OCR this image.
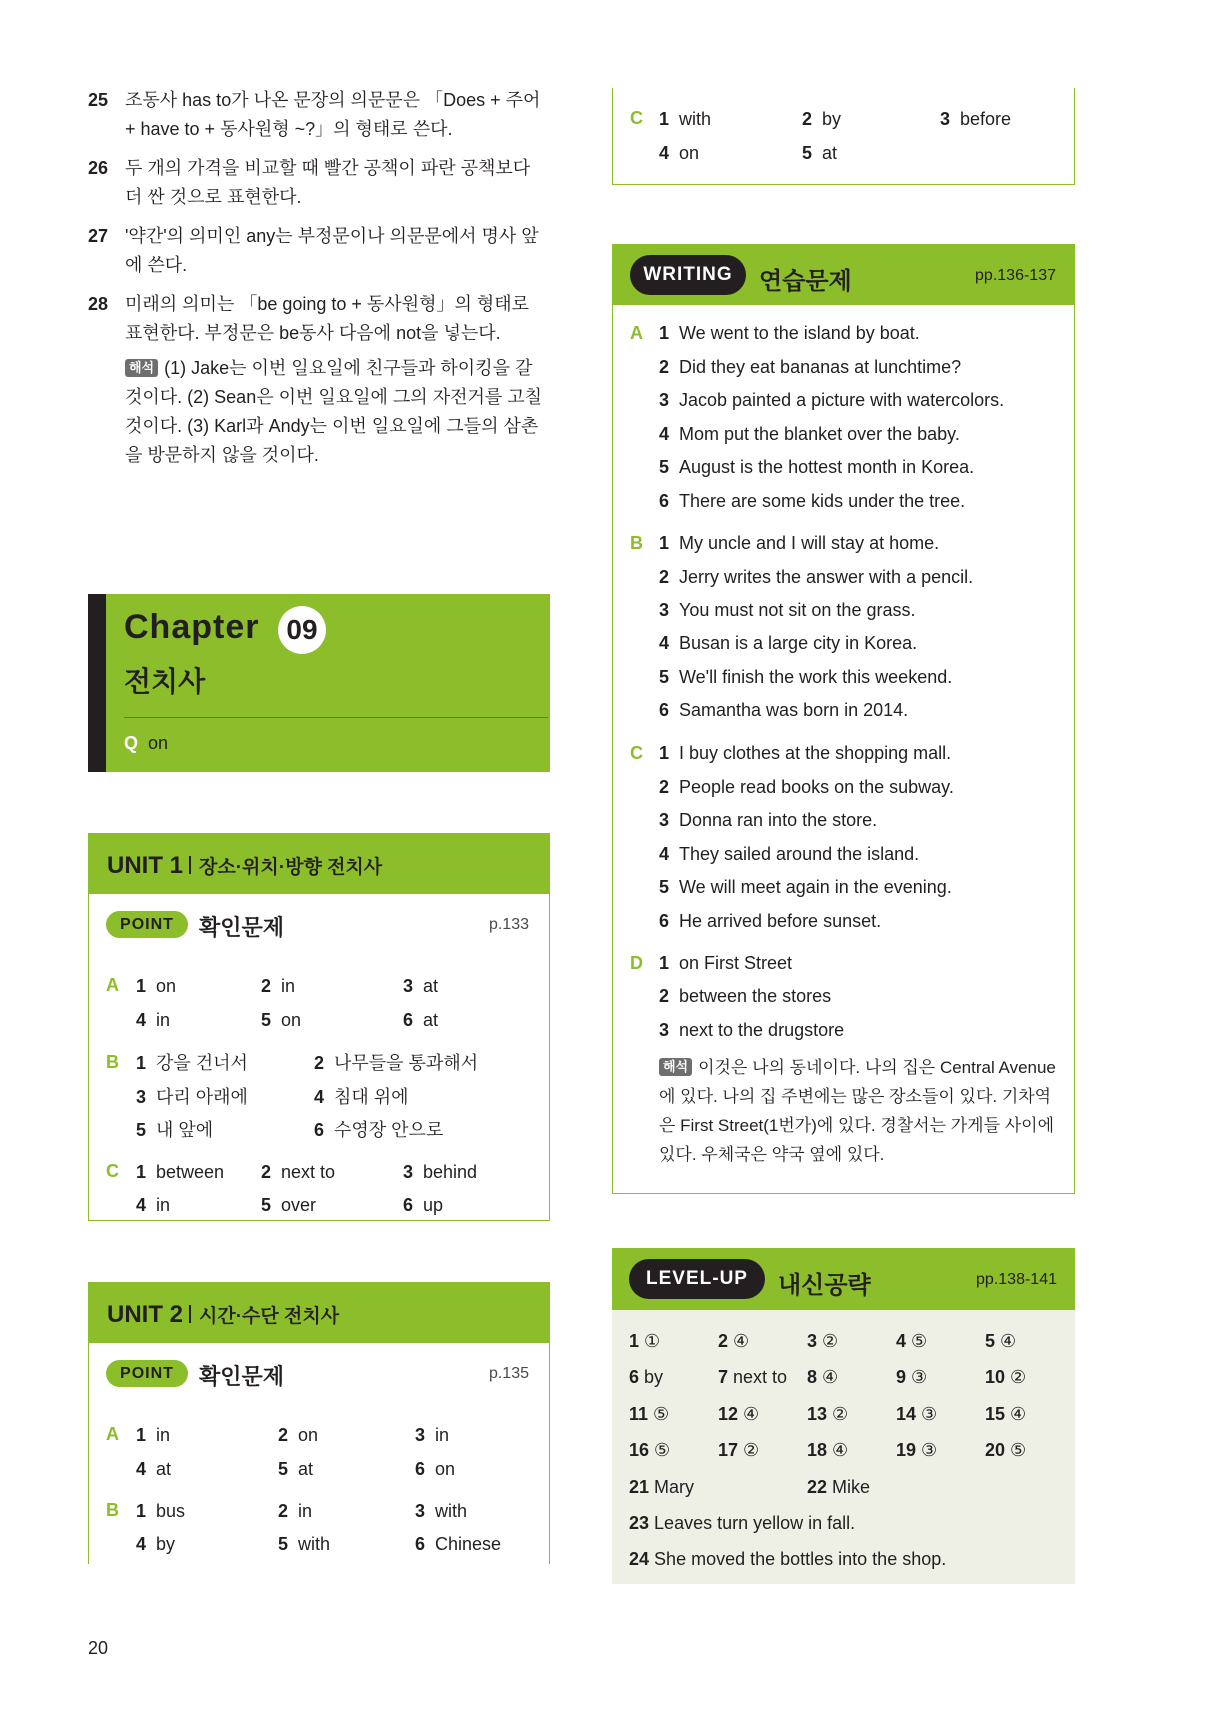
25 조동사 has to가 나온 문장의 의문문은 「Does + 주어 + have to + 동사원형 ~?」의 형태로 쓴다.
26 두 개의 가격을 비교할 때 빨간 공책이 파란 공책보다 더 싼 것으로 표현한다.
27 '약간'의 의미인 any는 부정문이나 의문문에서 명사 앞에 쓴다.
28 미래의 의미는 「be going to + 동사원형」의 형태로 표현한다. 부정문은 be동사 다음에 not을 넣는다.
해석 (1) Jake는 이번 일요일에 친구들과 하이킹을 갈 것이다. (2) Sean은 이번 일요일에 그의 자전거를 고칠 것이다. (3) Karl과 Andy는 이번 일요일에 그들의 삼촌을 방문하지 않을 것이다.
Chapter 09
전치사
Q on
UNIT 1 장소·위치·방향 전치사
POINT	확인문제	p.133
A 1 on	2 in	3 at
4 in	5 on	6 at
B 1 강을 건너서	2 나무들을 통과해서
3 다리 아래에	4 침대 위에
5 내 앞에	6 수영장 안으로
C 1 between 2 next to	3 behind
4 in	5 over	6 up
UNIT 2 시간·수단 전치사
POINT	확인문제	p.135
A 1 in	2 on	3 in
4 at	5 at	6 on
B 1 bus	2 in	3 with
4 by	5 with	6 Chinese
C 1 with	2 by	3 before
4 on	5 at
WRITING	연습문제	pp.136-137
A 1 We went to the island by boat.
2 Did they eat bananas at lunchtime?
3 Jacob painted a picture with watercolors.
4 Mom put the blanket over the baby.
5 August is the hottest month in Korea.
6 There are some kids under the tree.
B 1 My uncle and I will stay at home.
2 Jerry writes the answer with a pencil.
3 You must not sit on the grass.
4 Busan is a large city in Korea.
5 We'll finish the work this weekend.
6 Samantha was born in 2014.
C 1 I buy clothes at the shopping mall.
2 People read books on the subway.
3 Donna ran into the store.
4 They sailed around the island.
5 We will meet again in the evening.
6 He arrived before sunset.
D 1 on First Street
2 between the stores
3 next to the drugstore
해석 이것은 나의 동네이다. 나의 집은 Central Avenue에 있다. 나의 집 주변에는 많은 장소들이 있다. 기차역은 First Street(1번가)에 있다. 경찰서는 가게들 사이에 있다. 우체국은 약국 옆에 있다.
LEVEL-UP	내신공략	pp.138-141
1 ①	2 ④	3 ②	4 ⑤	5 ④
6 by	7 next to 8 ④	9 ③	10 ②
11 ⑤	12 ④	13 ②	14 ③	15 ④
16 ⑤	17 ②	18 ④	19 ③	20 ⑤
21 Mary	22 Mike
23 Leaves turn yellow in fall.
24 She moved the bottles into the shop.
20
